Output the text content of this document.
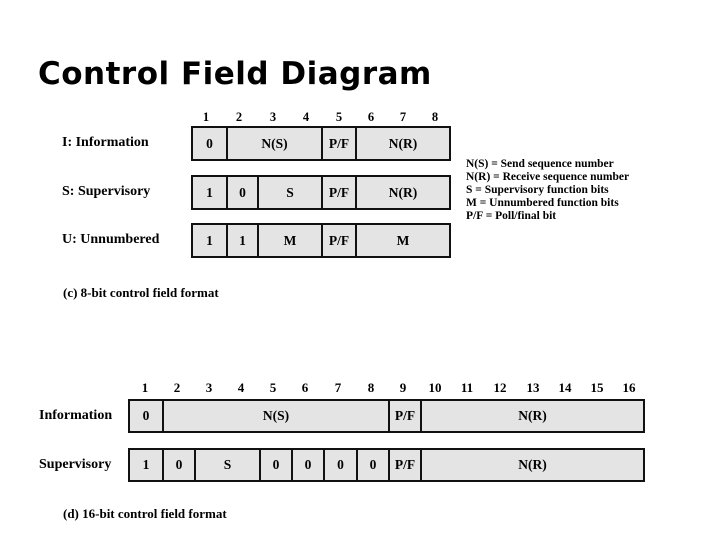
Control Field Diagram
1	2	3	4	5	6	7	8
I: Information	0	N(S)	P/F	N(R)
S: Supervisory	1	0	S	P/F	N(R)
U: Unnumbered	1	1	M	P/F	M
(c) 8-bit control field format
N(S) = Send sequence number
N(R) = Receive sequence number
S = Supervisory function bits
M = Unnumbered function bits
P/F = Poll/final bit
1	2	3	4	5	6	7	8	9	10	11	12	13	14	15	16
Information	0	N(S)	P/F	N(R)
Supervisory	1	0	S	0	0	0	0	P/F	N(R)
(d) 16-bit control field format
